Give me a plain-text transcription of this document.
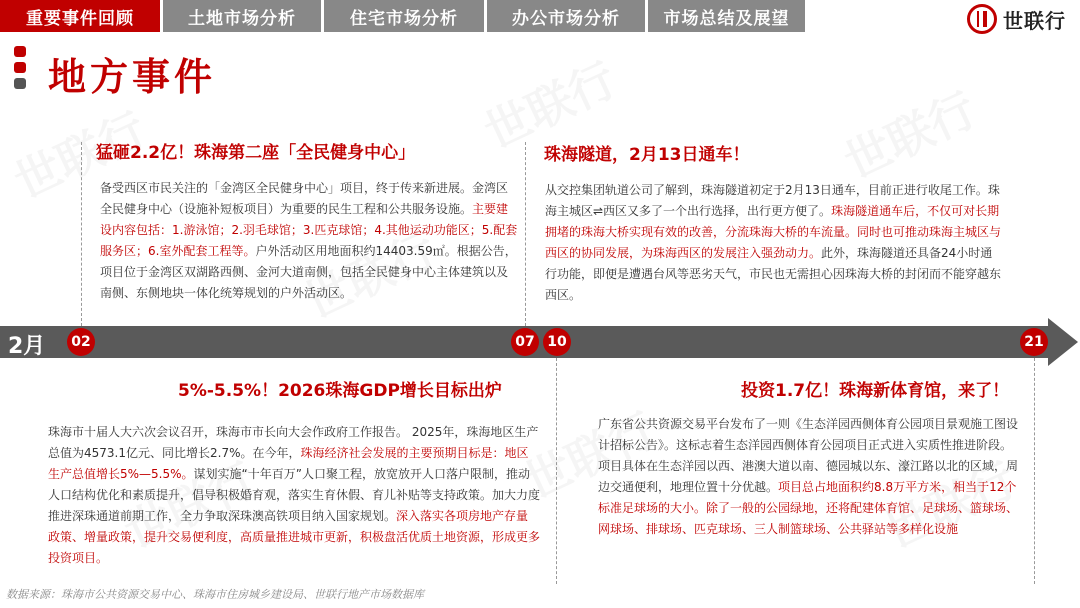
重要事件回顾	土地市场分析	住宅市场分析	办公市场分析	市场总结及展望	世联行
地方事件
2月	02	07 10	21
猛砸2.2亿！珠海第二座「全民健身中心」
备受西区市民关注的「金湾区全民健身中心」项目，终于传来新进展。金湾区全民健身中心（设施补短板项目）为重要的民生工程和公共服务设施。主要建设内容包括：1.游泳馆；2.羽毛球馆；3.匹克球馆；4.其他运动功能区；5.配套服务区；6.室外配套工程等。户外活动区用地面积约14403.59㎡。根据公告，项目位于金湾区双湖路西侧、金河大道南侧，包括全民健身中心主体建筑以及南侧、东侧地块一体化统筹规划的户外活动区。
珠海隧道，2月13日通车！
从交控集团轨道公司了解到，珠海隧道初定于2月13日通车，目前正进行收尾工作。珠海主城区⇌西区又多了一个出行选择，出行更方便了。珠海隧道通车后，不仅可对长期拥堵的珠海大桥实现有效的改善，分流珠海大桥的车流量。同时也可推动珠海主城区与西区的协同发展，为珠海西区的发展注入强劲动力。此外，珠海隧道还具备24小时通行功能，即便是遭遇台风等恶劣天气，市民也无需担心因珠海大桥的封闭而不能穿越东西区。
5%-5.5%！2026珠海GDP增长目标出炉
珠海市十届人大六次会议召开，珠海市市长向大会作政府工作报告。 2025年，珠海地区生产总值为4573.1亿元、同比增长2.7%。在今年，珠海经济社会发展的主要预期目标是：地区生产总值增长5%—5.5%。谋划实施“十年百万”人口聚工程，放宽放开人口落户限制，推动人口结构优化和素质提升，倡导积极婚育观，落实生育休假、育儿补贴等支持政策。加大力度推进深珠通道前期工作，全力争取深珠澳高铁项目纳入国家规划。深入落实各项房地产存量政策、增量政策，提升交易便利度，高质量推进城市更新，积极盘活优质土地资源，形成更多投资项目。
投资1.7亿！珠海新体育馆，来了！
广东省公共资源交易平台发布了一则《生态洋园西侧体育公园项目景观施工图设计招标公告》。这标志着生态洋园西侧体育公园项目正式进入实质性推进阶段。项目具体在生态洋园以西、港澳大道以南、德园城以东、濠江路以北的区域，周边交通便利，地理位置十分优越。项目总占地面积约8.8万平方米，相当于12个标准足球场的大小。除了一般的公园绿地，还将配建体育馆、足球场、篮球场、网球场、排球场、匹克球场、三人制篮球场、公共驿站等多样化设施
数据来源：珠海市公共资源交易中心、珠海市住房城乡建设局、世联行地产市场数据库
